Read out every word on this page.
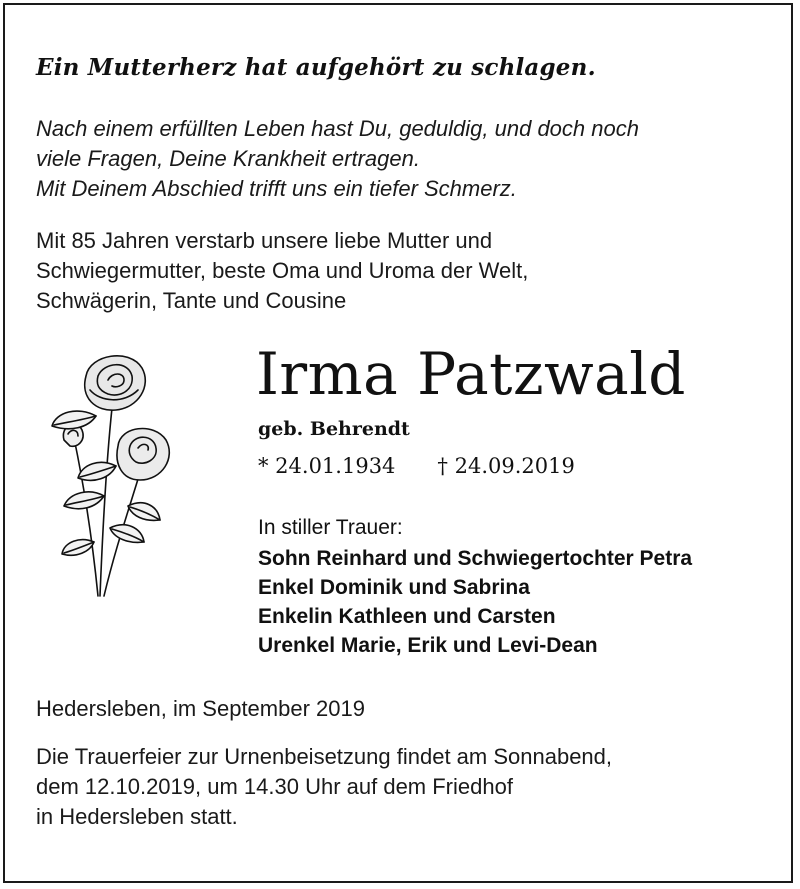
Ein Mutterherz hat aufgehört zu schlagen.
Nach einem erfüllten Leben hast Du, geduldig, und doch noch
viele Fragen, Deine Krankheit ertragen.
Mit Deinem Abschied trifft uns ein tiefer Schmerz.
Mit 85 Jahren verstarb unsere liebe Mutter und
Schwiegermutter, beste Oma und Uroma der Welt,
Schwägerin, Tante und Cousine
Irma Patzwald
geb. Behrendt
* 24.01.1934 † 24.09.2019
In stiller Trauer:
Sohn Reinhard und Schwiegertochter Petra
Enkel Dominik und Sabrina
Enkelin Kathleen und Carsten
Urenkel Marie, Erik und Levi-Dean
Hedersleben, im September 2019
Die Trauerfeier zur Urnenbeisetzung findet am Sonnabend,
dem 12.10.2019, um 14.30 Uhr auf dem Friedhof
in Hedersleben statt.
